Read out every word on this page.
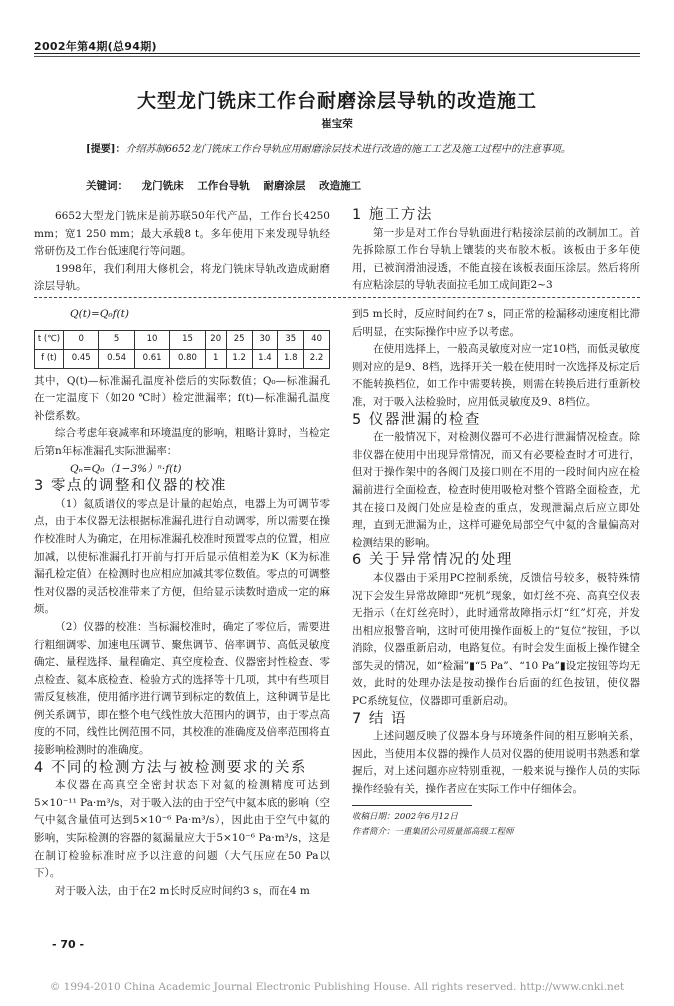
2002年第4期(总94期)
大型龙门铣床工作台耐磨涂层导轨的改造施工
崔宝荣
[提要]：介绍苏制6652龙门铣床工作台导轨应用耐磨涂层技术进行改造的施工工艺及施工过程中的注意事项。
关键词： 龙门铣床 工作台导轨 耐磨涂层 改造施工

6652大型龙门铣床是前苏联50年代产品，工作台长4250 mm；宽1 250 mm；最大承载8 t。多年使用下来发现导轨经常研伤及工作台低速爬行等问题。

1998年，我们利用大修机会，将龙门铣床导轨改造成耐磨涂层导轨。

1 施工方法

第一步是对工作台导轨面进行粘接涂层前的改制加工。首先拆除原工作台导轨上镶装的夹布胶木板。该板由于多年使用，已被润滑油浸透，不能直接在该板表面压涂层。然后将所有应粘涂层的导轨表面拉毛加工成间距2~3

Q(t)=Q₀f(t)

t (℃)	0	5	10	15	20	25	30	35	40
f (t)	0.45	0.54	0.61	0.80	1	1.2	1.4	1.8	2.2

其中，Q(t)—标准漏孔温度补偿后的实际数值；Q₀—标准漏孔在一定温度下（如20 ℃时）检定泄漏率；f(t)—标准漏孔温度补偿系数。

综合考虑年衰减率和环境温度的影响，粗略计算时，当检定后第n年标准漏孔实际泄漏率：

Qₙ=Q₀（1−3%）ⁿ·f(t)

3 零点的调整和仪器的校准

（1）氦质谱仪的零点是计量的起始点，电器上为可调节零点，由于本仪器无法根据标准漏孔进行自动调零，所以需要在操作校准时人为确定，在用标准漏孔校准时预置零点的位置，相应加减，以使标准漏孔打开前与打开后显示值相差为K（K为标准漏孔检定值）在检测时也应相应加减其零位数值。零点的可调整性对仪器的灵活校准带来了方便，但给显示读数时造成一定的麻烦。

（2）仪器的校准：当标漏校准时，确定了零位后，需要进行粗细调零、加速电压调节、聚焦调节、倍率调节、高低灵敏度确定、量程选择、量程确定、真空度检查、仪器密封性检查、零点检查、氦本底检查、检验方式的选择等十几项，其中有些项目需反复核准，使用循序进行调节到标定的数值上，这种调节是比例关系调节，即在整个电气线性放大范围内的调节，由于零点高度的不同，线性比例范围不同，其校准的准确度及倍率范围将直接影响检测时的准确度。

4 不同的检测方法与被检测要求的关系

本仪器在高真空全密封状态下对氦的检测精度可达到5×10⁻¹¹ Pa·m³/s，对于吸入法的由于空气中氦本底的影响（空气中氦含量值可达到5×10⁻⁶ Pa·m³/s），因此由于空气中氦的影响，实际检测的容器的氦漏量应大于5×10⁻⁶ Pa·m³/s，这是在制订检验标准时应予以注意的问题（大气压应在50 Pa以下）。

对于吸入法，由于在2 m长时反应时间约3 s，而在4 m

到5 m长时，反应时间约在7 s，同正常的检漏移动速度相比滞后明显，在实际操作中应予以考虑。

在使用选择上，一般高灵敏度对应一定10档，而低灵敏度则对应的是9、8档，选择开关一般在使用时一次选择及标定后不能转换档位，如工作中需要转换，则需在转换后进行重新校准，对于吸入法检验时，应用低灵敏度及9、8档位。

5 仪器泄漏的检查

在一般情况下，对检测仪器可不必进行泄漏情况检查。除非仪器在使用中出现异常情况，而又有必要检查时才可进行，但对于操作架中的各阀门及接口则在不用的一段时间内应在检漏前进行全面检查，检查时使用吸枪对整个管路全面检查，尤其在接口及阀门处应是检查的重点，发现泄漏点后应立即处理，直到无泄漏为止，这样可避免局部空气中氦的含量偏高对检测结果的影响。

6 关于异常情况的处理

本仪器由于采用PC控制系统，反馈信号较多，极特殊情况下会发生异常故障即“死机”现象，如灯丝不亮、高真空仪表无指示（在灯丝亮时），此时通常故障指示灯“红”灯亮，并发出相应报警音响，这时可使用操作面板上的“复位”按钮，予以消除，仪器重新启动，电路复位。有时会发生面板上操作键全部失灵的情况，如“检漏”▮“5 Pa”、“10 Pa”▮设定按钮等均无效，此时的处理办法是按动操作台后面的红色按钮，使仪器PC系统复位，仪器即可重新启动。

7 结 语

上述问题反映了仪器本身与环境条件间的相互影响关系，因此，当使用本仪器的操作人员对仪器的使用说明书熟悉和掌握后，对上述问题亦应特别重视，一般来说与操作人员的实际操作经验有关，操作者应在实际工作中仔细体会。

收稿日期：2002年6月12日
作者简介：一重集团公司质量部高级工程师
- 70 -
© 1994-2010 China Academic Journal Electronic Publishing House. All rights reserved. http://www.cnki.net
